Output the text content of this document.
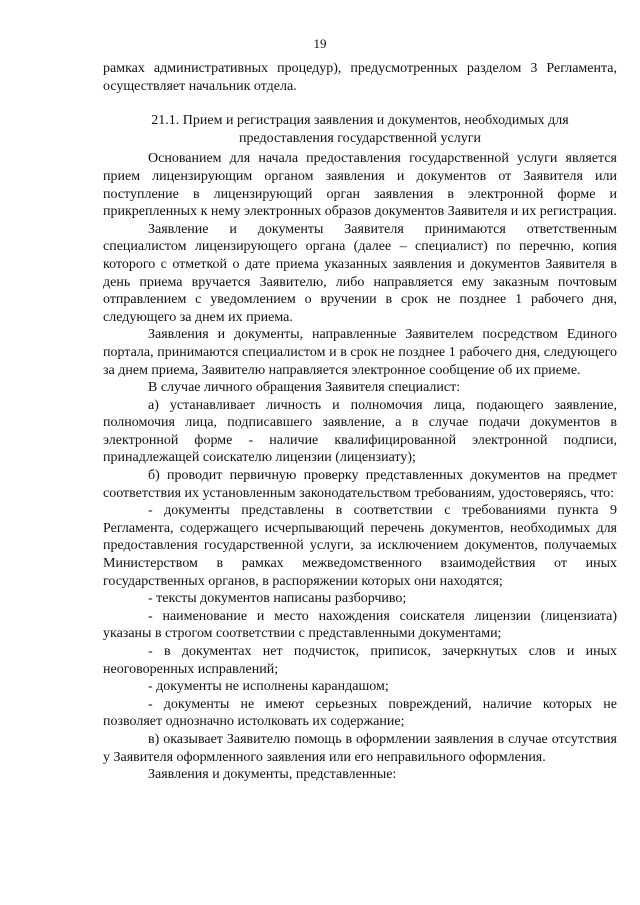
19

рамках административных процедур), предусмотренных разделом 3 Регламента, осуществляет начальник отдела.

21.1. Прием и регистрация заявления и документов, необходимых для предоставления государственной услуги

Основанием для начала предоставления государственной услуги является прием лицензирующим органом заявления и документов от Заявителя или поступление в лицензирующий орган заявления в электронной форме и прикрепленных к нему электронных образов документов Заявителя и их регистрация.

Заявление и документы Заявителя принимаются ответственным специалистом лицензирующего органа (далее – специалист) по перечню, копия которого с отметкой о дате приема указанных заявления и документов Заявителя в день приема вручается Заявителю, либо направляется ему заказным почтовым отправлением с уведомлением о вручении в срок не позднее 1 рабочего дня, следующего за днем их приема.

Заявления и документы, направленные Заявителем посредством Единого портала, принимаются специалистом и в срок не позднее 1 рабочего дня, следующего за днем приема, Заявителю направляется электронное сообщение об их приеме.

В случае личного обращения Заявителя специалист:

а) устанавливает личность и полномочия лица, подающего заявление, полномочия лица, подписавшего заявление, а в случае подачи документов в электронной форме - наличие квалифицированной электронной подписи, принадлежащей соискателю лицензии (лицензиату);

б) проводит первичную проверку представленных документов на предмет соответствия их установленным законодательством требованиям, удостоверяясь, что:

- документы представлены в соответствии с требованиями пункта 9 Регламента, содержащего исчерпывающий перечень документов, необходимых для предоставления государственной услуги, за исключением документов, получаемых Министерством в рамках межведомственного взаимодействия от иных государственных органов, в распоряжении которых они находятся;

- тексты документов написаны разборчиво;

- наименование и место нахождения соискателя лицензии (лицензиата) указаны в строгом соответствии с представленными документами;

- в документах нет подчисток, приписок, зачеркнутых слов и иных неоговоренных исправлений;

- документы не исполнены карандашом;

- документы не имеют серьезных повреждений, наличие которых не позволяет однозначно истолковать их содержание;

в) оказывает Заявителю помощь в оформлении заявления в случае отсутствия у Заявителя оформленного заявления или его неправильного оформления.

Заявления и документы, представленные:
